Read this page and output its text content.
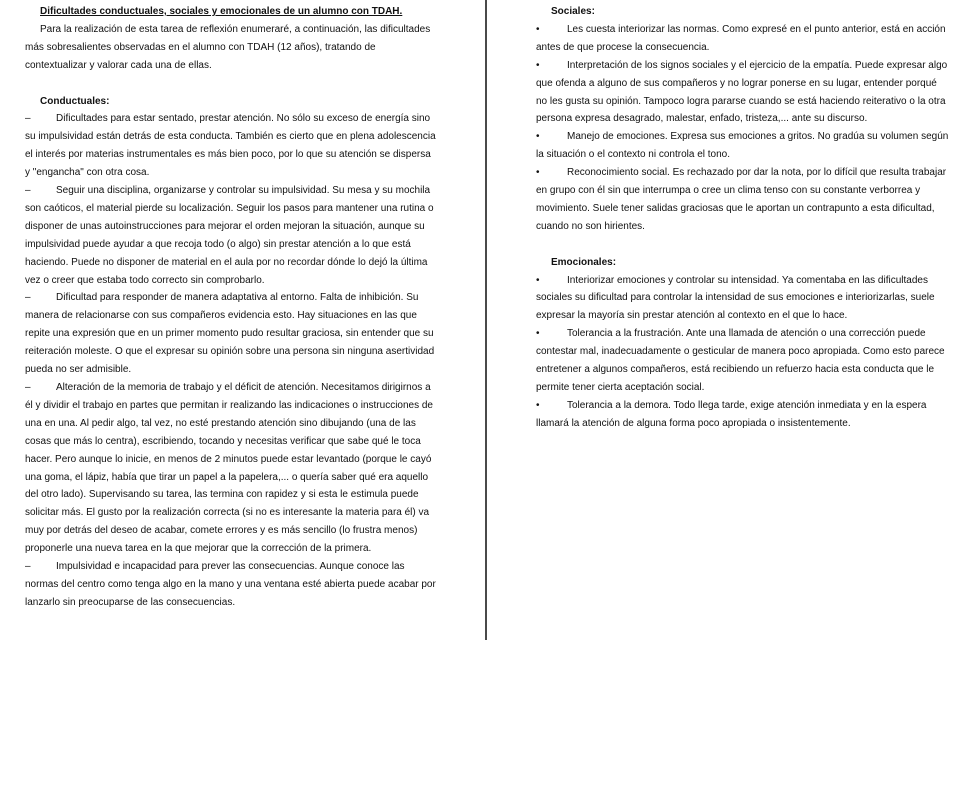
Dificultades conductuales, sociales y emocionales de un alumno con TDAH.

Para la realización de esta tarea de reflexión enumeraré, a continuación, las dificultades más sobresalientes observadas en el alumno con TDAH (12 años), tratando de contextualizar y valorar cada una de ellas.

Conductuales:

–	Dificultades para estar sentado, prestar atención. No sólo su exceso de energía sino su impulsividad están detrás de esta conducta. También es cierto que en plena adolescencia el interés por materias instrumentales es más bien poco, por lo que su atención se dispersa y "engancha" con otra cosa.

–	Seguir una disciplina, organizarse y controlar su impulsividad. Su mesa y su mochila son caóticos, el material pierde su localización. Seguir los pasos para mantener una rutina o disponer de unas autoinstrucciones para mejorar el orden mejoran la situación, aunque su impulsividad puede ayudar a que recoja todo (o algo) sin prestar atención a lo que está haciendo. Puede no disponer de material en el aula por no recordar dónde lo dejó la última vez o creer que estaba todo correcto sin comprobarlo.

–	Dificultad para responder de manera adaptativa al entorno. Falta de inhibición. Su manera de relacionarse con sus compañeros evidencia esto. Hay situaciones en las que repite una expresión que en un primer momento pudo resultar graciosa, sin entender que su reiteración moleste. O que el expresar su opinión sobre una persona sin ninguna asertividad pueda no ser admisible.

–	Alteración de la memoria de trabajo y el déficit de atención. Necesitamos dirigirnos a él y dividir el trabajo en partes que permitan ir realizando las indicaciones o instrucciones de una en una. Al pedir algo, tal vez, no esté prestando atención sino dibujando (una de las cosas que más lo centra), escribiendo, tocando y necesitas verificar que sabe qué le toca hacer. Pero aunque lo inicie, en menos de 2 minutos puede estar levantado (porque le cayó una goma, el lápiz, había que tirar un papel a la papelera,... o quería saber qué era aquello del otro lado). Supervisando su tarea, las termina con rapidez y si esta le estimula puede solicitar más. El gusto por la realización correcta (si no es interesante la materia para él) va muy por detrás del deseo de acabar, comete errores y es más sencillo (lo frustra menos) proponerle una nueva tarea en la que mejorar que la corrección de la primera.

–	Impulsividad e incapacidad para prever las consecuencias. Aunque conoce las normas del centro como tenga algo en la mano y una ventana esté abierta puede acabar por lanzarlo sin preocuparse de las consecuencias.

Sociales:

•	Les cuesta interiorizar las normas. Como expresé en el punto anterior, está en acción antes de que procese la consecuencia.

•	Interpretación de los signos sociales y el ejercicio de la empatía. Puede expresar algo que ofenda a alguno de sus compañeros y no lograr ponerse en su lugar, entender porqué no les gusta su opinión. Tampoco logra pararse cuando se está haciendo reiterativo o la otra persona expresa desagrado, malestar, enfado, tristeza,... ante su discurso.

•	Manejo de emociones. Expresa sus emociones a gritos. No gradúa su volumen según la situación o el contexto ni controla el tono.

•	Reconocimiento social. Es rechazado por dar la nota, por lo difícil que resulta trabajar en grupo con él sin que interrumpa o cree un clima tenso con su constante verborrea y movimiento. Suele tener salidas graciosas que le aportan un contrapunto a esta dificultad, cuando no son hirientes.

Emocionales:

•	Interiorizar emociones y controlar su intensidad. Ya comentaba en las dificultades sociales su dificultad para controlar la intensidad de sus emociones e interiorizarlas, suele expresar la mayoría sin prestar atención al contexto en el que lo hace.

•	Tolerancia a la frustración. Ante una llamada de atención o una corrección puede contestar mal, inadecuadamente o gesticular de manera poco apropiada. Como esto parece entretener a algunos compañeros, está recibiendo un refuerzo hacia esta conducta que le permite tener cierta aceptación social.

•	Tolerancia a la demora. Todo llega tarde, exige atención inmediata y en la espera llamará la atención de alguna forma poco apropiada o insistentemente.
